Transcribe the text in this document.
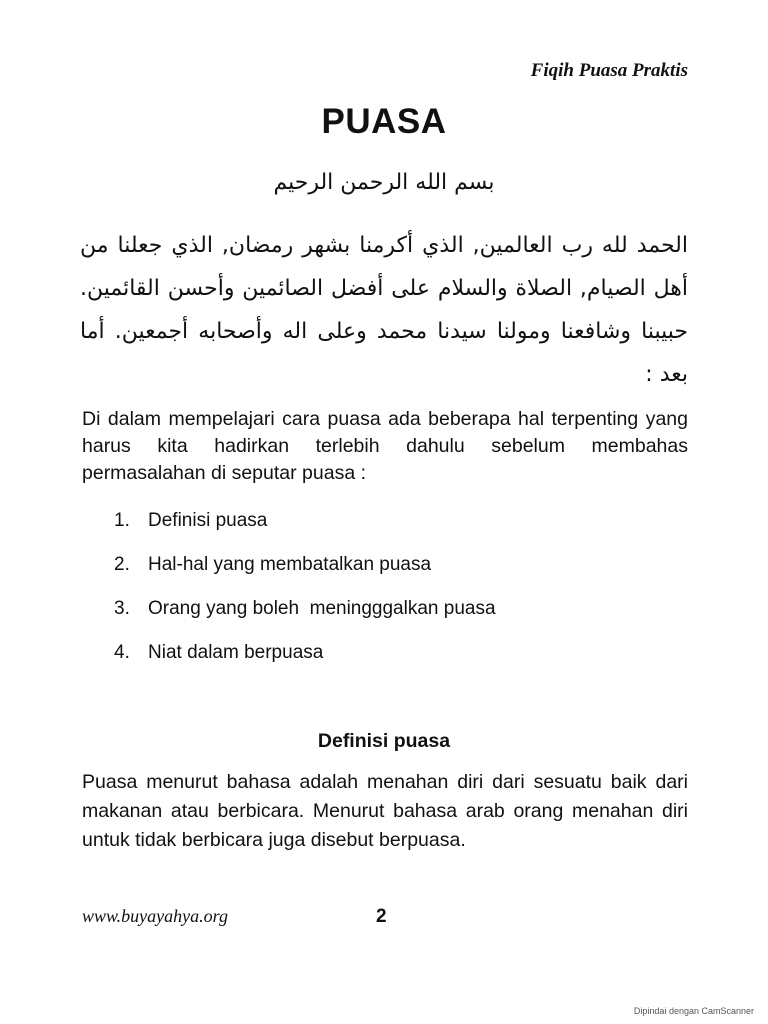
Fiqih Puasa Praktis
PUASA
بسم الله الرحمن الرحيم

الحمد لله رب العالمين, الذي أكرمنا بشهر رمضان, الذي جعلنا من أهل الصيام, الصلاة والسلام على أفضل الصائمين وأحسن القائمين. حبيبنا وشافعنا ومولنا سيدنا محمد وعلى اله وأصحابه أجمعين. أما بعد :

Di dalam mempelajari cara puasa ada beberapa hal terpenting yang harus kita hadirkan terlebih dahulu sebelum membahas permasalahan di seputar puasa :

1. Definisi puasa
2. Hal-hal yang membatalkan puasa
3. Orang yang boleh  meningggalkan puasa
4. Niat dalam berpuasa
Definisi puasa

Puasa menurut bahasa adalah menahan diri dari sesuatu baik dari makanan atau berbicara. Menurut bahasa arab orang menahan diri untuk tidak berbicara juga disebut berpuasa.

www.buyayahya.org	2
Dipindai dengan CamScanner
